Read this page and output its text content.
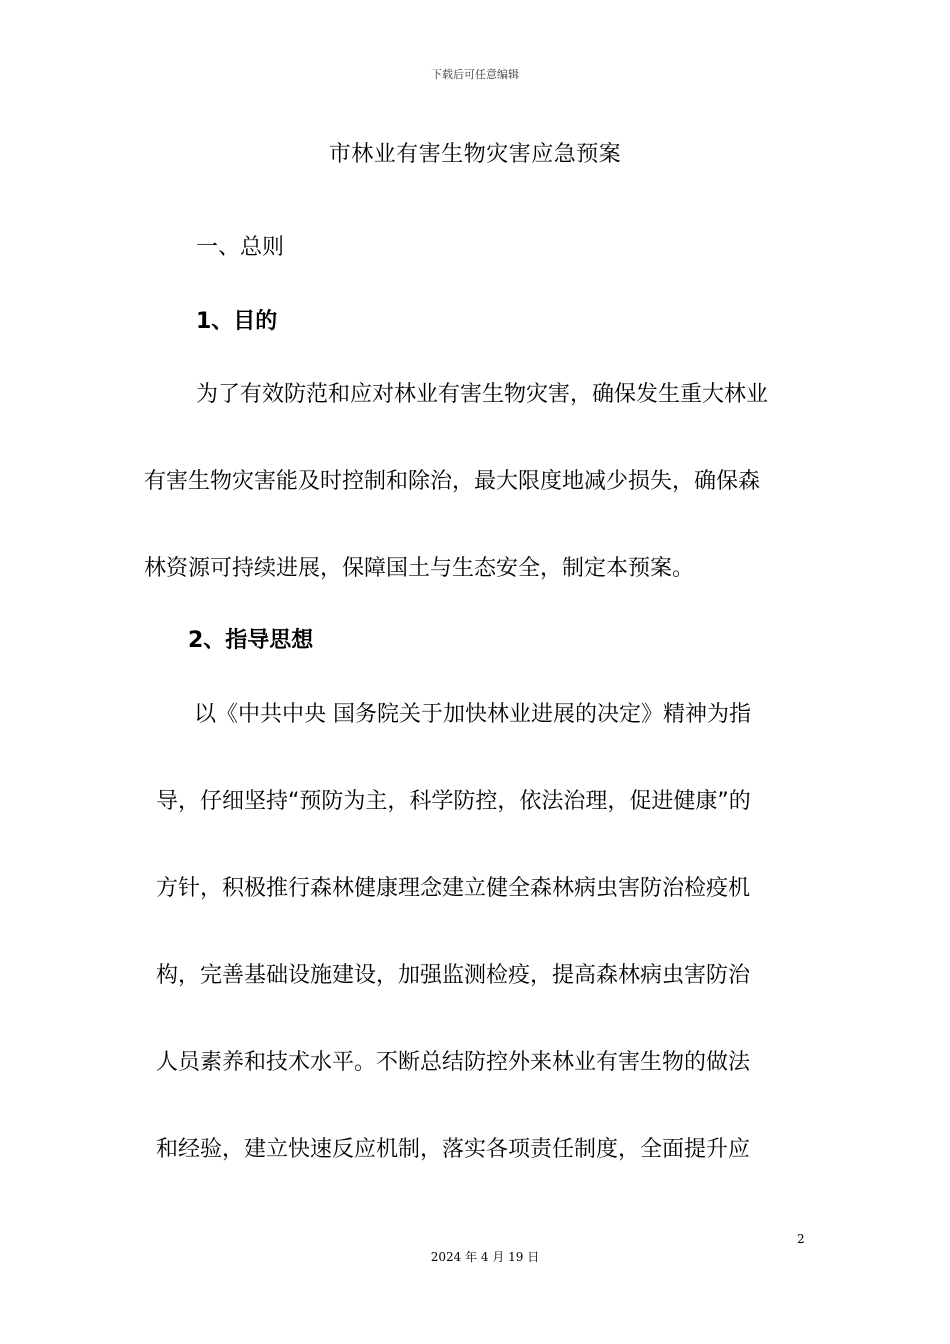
下载后可任意编辑
市林业有害生物灾害应急预案
一、总则
1、目的
为了有效防范和应对林业有害生物灾害，确保发生重大林业
有害生物灾害能及时控制和除治，最大限度地减少损失，确保森
林资源可持续进展，保障国土与生态安全，制定本预案。
2、指导思想
以《中共中央 国务院关于加快林业进展的决定》精神为指
导，仔细坚持“预防为主，科学防控，依法治理，促进健康”的
方针，积极推行森林健康理念建立健全森林病虫害防治检疫机
构，完善基础设施建设，加强监测检疫，提高森林病虫害防治
人员素养和技术水平。不断总结防控外来林业有害生物的做法
和经验，建立快速反应机制，落实各项责任制度，全面提升应
2
2024 年 4 月 19 日
